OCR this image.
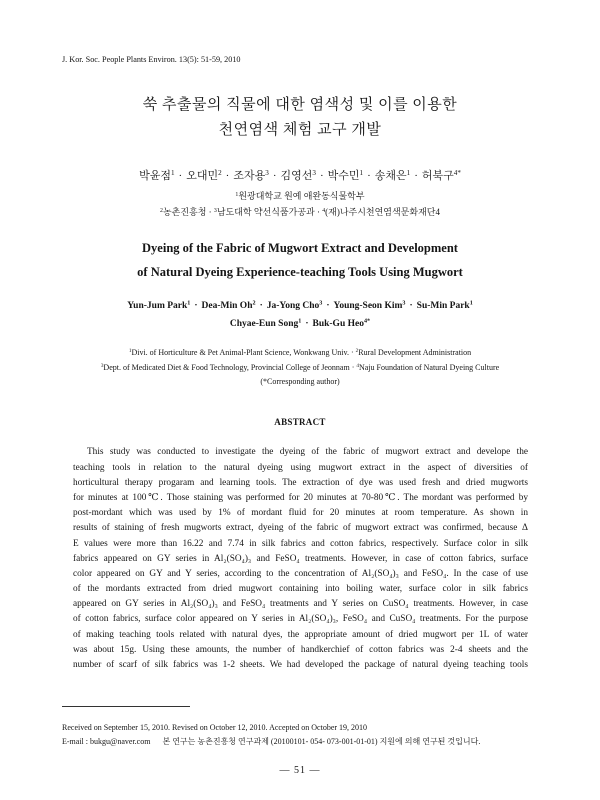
J. Kor. Soc. People Plants Environ. 13(5): 51-59, 2010
쑥 추출물의 직물에 대한 염색성 및 이를 이용한
천연염색 체험 교구 개발
박윤점$^1$ · 오대민$^2$ · 조자용$^3$ · 김영선$^3$ · 박수민$^1$ · 송채은$^1$ · 허북구$^{4*}$
$^1$원광대학교 원예 애완동식물학부
$^2$농촌진흥청 · $^3$남도대학 약선식품가공과 · $^4$(재)나주시천연염색문화재단4
Dyeing of the Fabric of Mugwort Extract and Development
of Natural Dyeing Experience-teaching Tools Using Mugwort
Yun-Jum Park$^1$ · Dea-Min $Oh^2$ · Ja-Yong Cho$^3$ · Young-Seon Kim$^3$ · Su-Min Park$^1$
Chyae-Eun Song$^1$ · Buk-Gu Heo$^{4*}$
$^1$Divi. of Horticulture & Pet Animal-Plant Science, Wonkwang Univ. · $^2$Rural Development Administration
$^3$Dept. of Medicated Diet & Food Technology, Provincial College of Jeonnam · $^4$Naju Foundation of Natural Dyeing Culture
(*Corresponding author)
ABSTRACT
This study was conducted to investigate the dyeing of the fabric of mugwort extract and develope the
teaching tools in relation to the natural dyeing using mugwort extract in the aspect of diversities of
horticultural therapy progaram and learning tools. The extraction of dye was used fresh and dried mugworts
for minutes at 100℃. Those staining was performed for 20 minutes at 70-80℃. The mordant was performed by
post-mordant which was used by 1% of mordant fluid for 20 minutes at room temperature. As shown in
results of staining of fresh mugworts extract, dyeing of the fabric of mugwort extract was confirmed, because Δ
E values were more than 16.22 and 7.74 in silk fabrics and cotton fabrics, respectively. Surface color in silk
fabrics appeared on GY series in Al₂(SO₄)₃ and FeSO₄ treatments. However, in case of cotton fabrics, surface
color appeared on GY and Y series, according to the concentration of Al₂(SO₄)₃ and FeSO₄. In the case of use
of the mordants extracted from dried mugwort containing into boiling water, surface color in silk fabrics
appeared on GY series in Al₂(SO₄)₃ and FeSO₄ treatments and Y series on CuSO₄ treatments. However, in case
of cotton fabrics, surface color appeared on Y series in Al₂(SO₄)₃, FeSO₄ and CuSO₄ treatments. For the purpose
of making teaching tools related with natural dyes, the appropriate amount of dried mugwort per 1L of water
was about 15g. Using these amounts, the number of handkerchief of cotton fabrics was 2-4 sheets and the
number of scarf of silk fabrics was 1-2 sheets. We had developed the package of natural dyeing teaching tools
Received on September 15, 2010. Revised on October 12, 2010. Accepted on October 19, 2010
E-mail : bukgu@naver.com 본 연구는 농촌진흥청 연구과제 (20100101- 054- 073-001-01-01) 지원에 의해 연구된 것입니다.
— 51 —
